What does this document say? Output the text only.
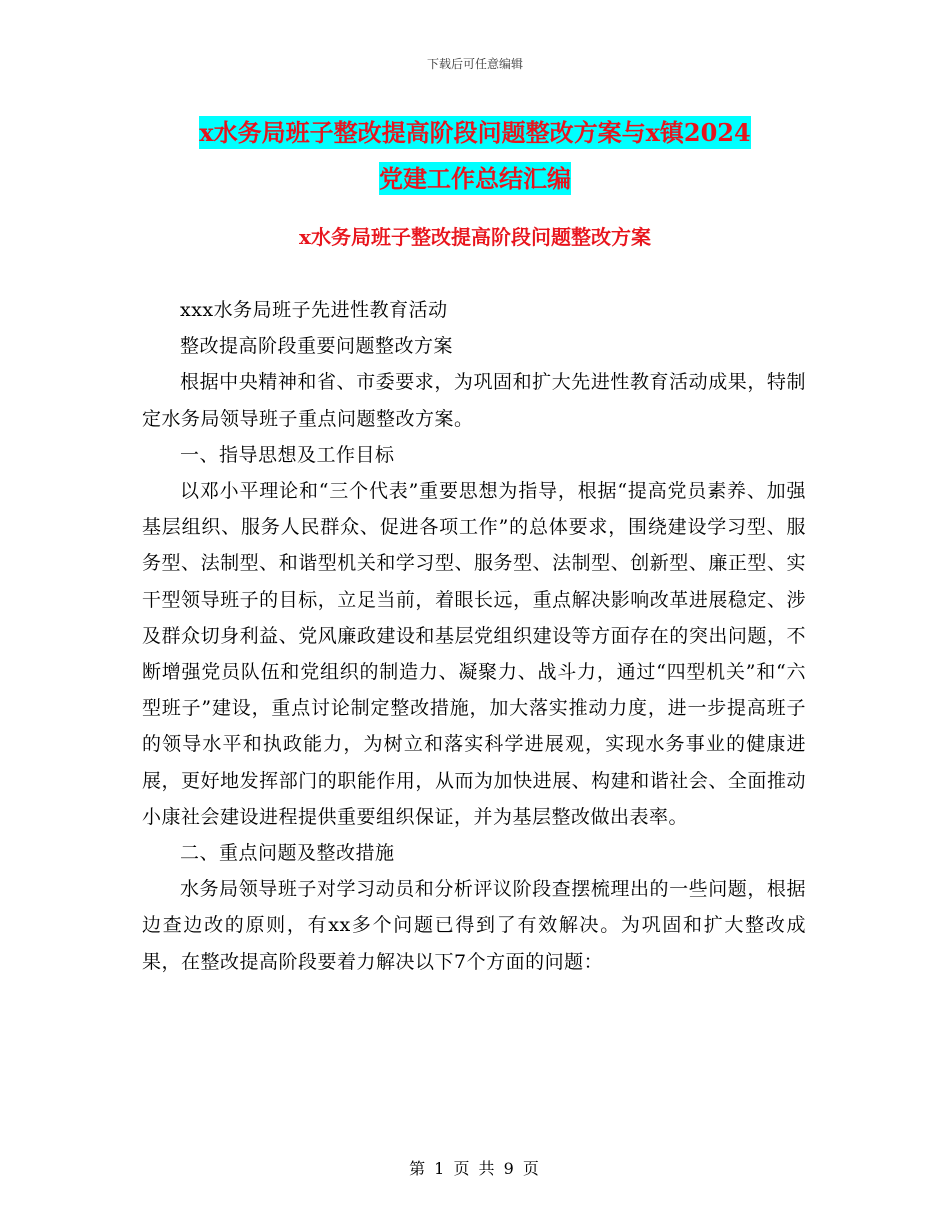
下载后可任意编辑
x水务局班子整改提高阶段问题整改方案与x镇2024
党建工作总结汇编
x水务局班子整改提高阶段问题整改方案

xxx水务局班子先进性教育活动

整改提高阶段重要问题整改方案

根据中央精神和省、市委要求，为巩固和扩大先进性教育活动成果，特制定水务局领导班子重点问题整改方案。

一、指导思想及工作目标

以邓小平理论和“三个代表”重要思想为指导，根据“提高党员素养、加强基层组织、服务人民群众、促进各项工作”的总体要求，围绕建设学习型、服务型、法制型、和谐型机关和学习型、服务型、法制型、创新型、廉正型、实干型领导班子的目标，立足当前，着眼长远，重点解决影响改革进展稳定、涉及群众切身利益、党风廉政建设和基层党组织建设等方面存在的突出问题，不断增强党员队伍和党组织的制造力、凝聚力、战斗力，通过“四型机关”和“六型班子”建设，重点讨论制定整改措施，加大落实推动力度，进一步提高班子的领导水平和执政能力，为树立和落实科学进展观，实现水务事业的健康进展，更好地发挥部门的职能作用，从而为加快进展、构建和谐社会、全面推动小康社会建设进程提供重要组织保证，并为基层整改做出表率。

二、重点问题及整改措施

水务局领导班子对学习动员和分析评议阶段查摆梳理出的一些问题，根据边查边改的原则，有xx多个问题已得到了有效解决。为巩固和扩大整改成果，在整改提高阶段要着力解决以下7个方面的问题：

第 1 页 共 9 页
